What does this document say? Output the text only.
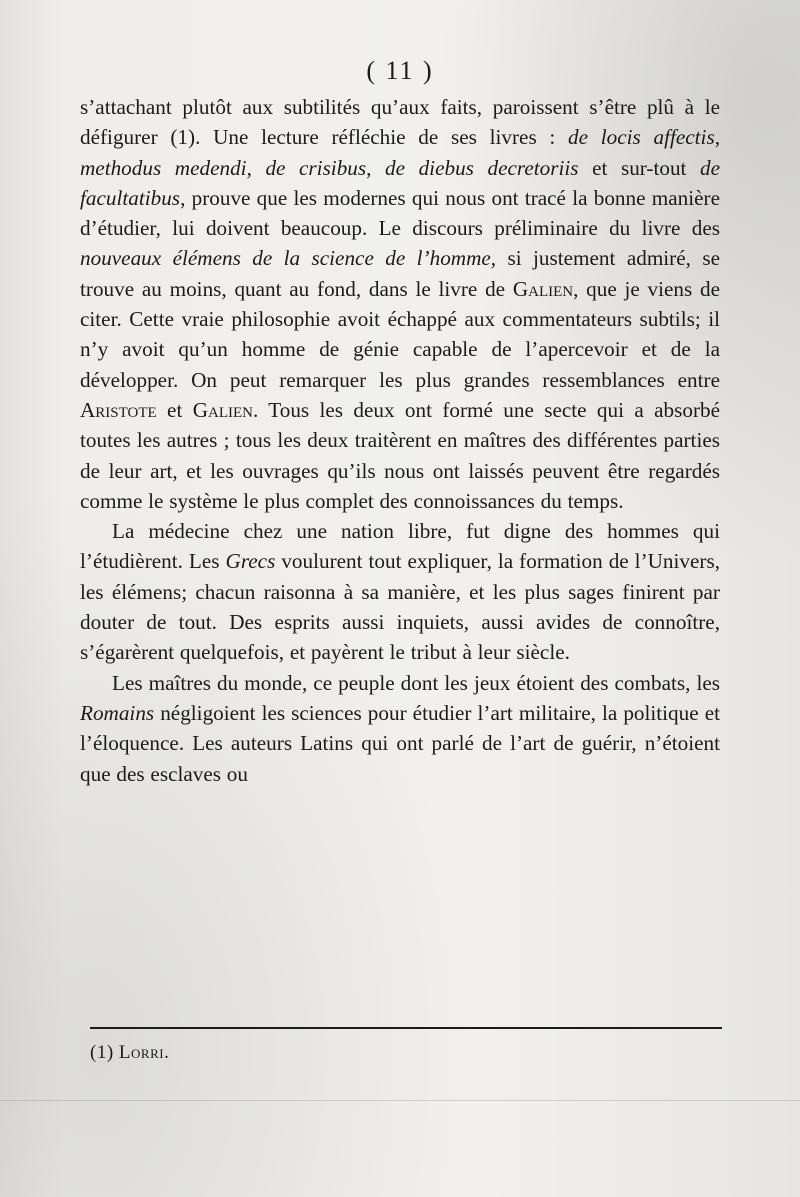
( 11 )

s’attachant plutôt aux subtilités qu’aux faits, paroissent s’être plû à le défigurer (1). Une lecture réfléchie de ses livres : de locis affectis, methodus medendi, de crisibus, de diebus decretoriis et sur-tout de facultatibus, prouve que les modernes qui nous ont tracé la bonne manière d’étudier, lui doivent beaucoup. Le discours préliminaire du livre des nouveaux élémens de la science de l’homme, si justement admiré, se trouve au moins, quant au fond, dans le livre de Galien, que je viens de citer. Cette vraie philosophie avoit échappé aux commentateurs subtils; il n’y avoit qu’un homme de génie capable de l’apercevoir et de la développer. On peut remarquer les plus grandes ressemblances entre Aristote et Galien. Tous les deux ont formé une secte qui a absorbé toutes les autres ; tous les deux traitèrent en maîtres des différentes parties de leur art, et les ouvrages qu’ils nous ont laissés peuvent être regardés comme le système le plus complet des connoissances du temps.

La médecine chez une nation libre, fut digne des hommes qui l’étudièrent. Les Grecs voulurent tout expliquer, la formation de l’Univers, les élémens; chacun raisonna à sa manière, et les plus sages finirent par douter de tout. Des esprits aussi inquiets, aussi avides de connoître, s’égarèrent quelquefois, et payèrent le tribut à leur siècle.

Les maîtres du monde, ce peuple dont les jeux étoient des combats, les Romains négligoient les sciences pour étudier l’art militaire, la politique et l’éloquence. Les auteurs Latins qui ont parlé de l’art de guérir, n’étoient que des esclaves ou

(1) Lorri.
